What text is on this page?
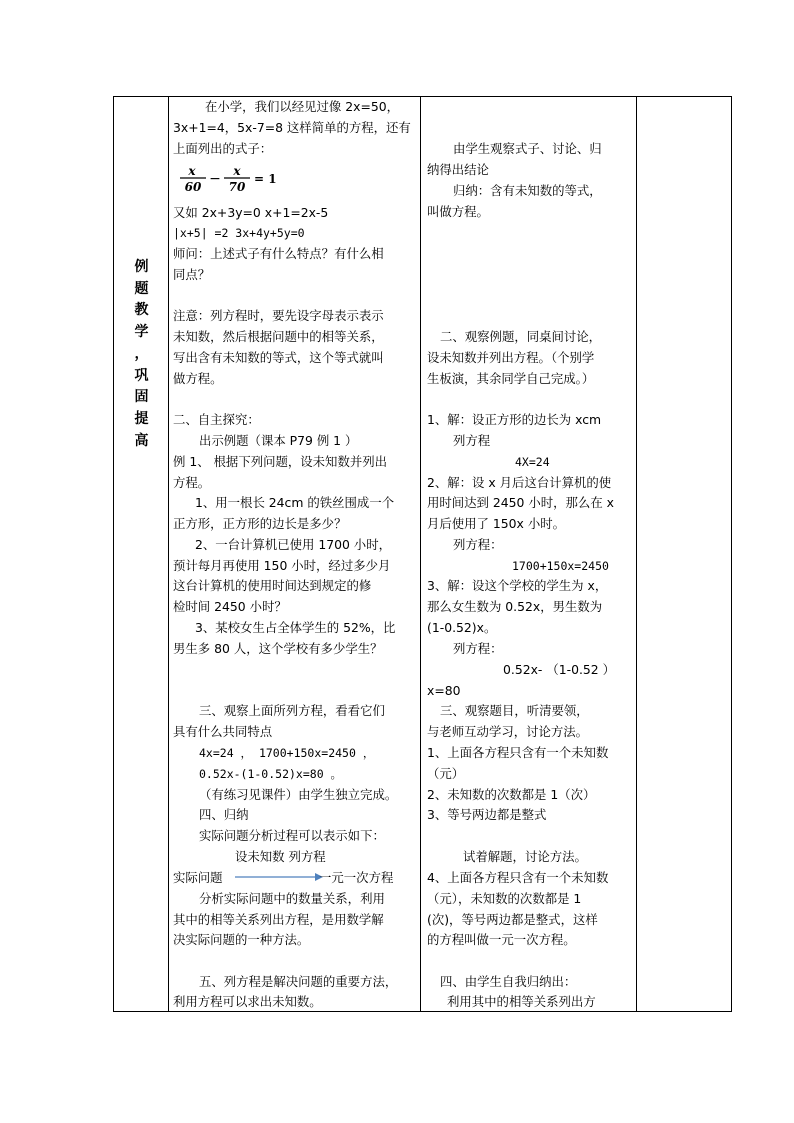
例
题
教
学
，
巩
固
提
高
在小学，我们以经见过像 2x=50，
3x+1=4，5x-7=8 这样简单的方程，还有
上面列出的式子：
x
60 − x
70
= 1
又如 2x+3y=0 x+1=2x-5
|x+5| =2 3x+4y+5y=0
师问：上述式子有什么特点？有什么相
同点？
注意：列方程时，要先设字母表示表示
未知数，然后根据问题中的相等关系，
写出含有未知数的等式，这个等式就叫
做方程。
二、自主探究：
出示例题（课本 P79 例 1 ）
例 1、 根据下列问题，设未知数并列出
方程。
1、用一根长 24cm 的铁丝围成一个
正方形，正方形的边长是多少？
2、一台计算机已使用 1700 小时，
预计每月再使用 150 小时，经过多少月
这台计算机的使用时间达到规定的修
检时间 2450 小时？
3、某校女生占全体学生的 52%，比
男生多 80 人，这个学校有多少学生？
三、观察上面所列方程，看看它们
具有什么共同特点
4x=24 ， 1700+150x=2450 ，
0.52x-(1-0.52)x=80 。
（有练习见课件）由学生独立完成。
四、归纳
实际问题分析过程可以表示如下：
设未知数 列方程
实际问题	一元一次方程
分析实际问题中的数量关系，利用
其中的相等关系列出方程，是用数学解
决实际问题的一种方法。
五、列方程是解决问题的重要方法，
利用方程可以求出未知数。
由学生观察式子、讨论、归
纳得出结论
归纳：含有未知数的等式，
叫做方程。
二、观察例题，同桌间讨论，
设未知数并列出方程。（个别学
生板演，其余同学自己完成。）
1、解：设正方形的边长为 xcm
列方程
4X=24
2、解：设 x 月后这台计算机的使
用时间达到 2450 小时，那么在 x
月后使用了 150x 小时。
列方程：
1700+150x=2450
3、解：设这个学校的学生为 x，
那么女生数为 0.52x，男生数为
(1-0.52)x。
列方程：
0.52x- （1-0.52 ）
x=80
三、观察题目，听清要领，
与老师互动学习，讨论方法。
1、上面各方程只含有一个未知数
（元）
2、未知数的次数都是 1（次）
3、等号两边都是整式
试着解题，讨论方法。
4、上面各方程只含有一个未知数
（元），未知数的次数都是 1
(次)，等号两边都是整式，这样
的方程叫做一元一次方程。
四、由学生自我归纳出：
利用其中的相等关系列出方
